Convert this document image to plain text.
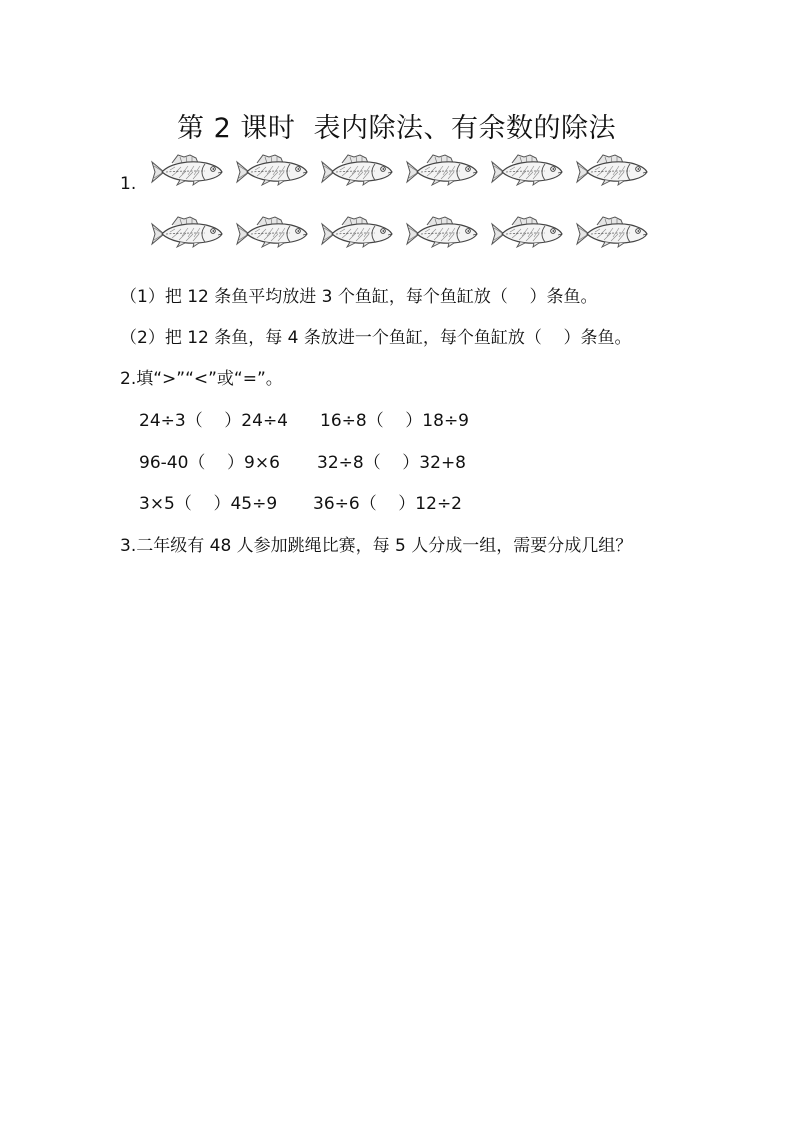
第 2 课时  表内除法、有余数的除法
1.
（1）把 12 条鱼平均放进 3 个鱼缸，每个鱼缸放（    ）条鱼。
（2）把 12 条鱼，每 4 条放进一个鱼缸，每个鱼缸放（    ）条鱼。
2.填“>”“<”或“=”。
24÷3（    ）24÷4 16÷8（    ）18÷9
96-40（    ）9×6 32÷8（    ）32+8
3×5（    ）45÷9 36÷6（    ）12÷2
3.二年级有 48 人参加跳绳比赛，每 5 人分成一组，需要分成几组？
